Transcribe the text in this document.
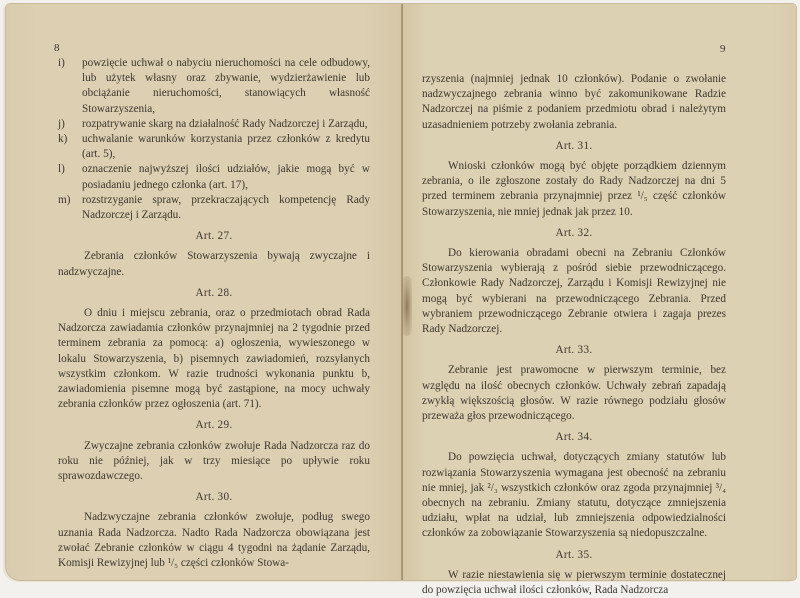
8

i) powzięcie uchwał o nabyciu nieruchomości na cele odbudowy, lub użytek własny oraz zbywanie, wydzierżawienie lub obciążanie nieruchomości, stanowiących własność Stowarzyszenia,

j) rozpatrywanie skarg na działalność Rady Nadzorczej i Zarządu,

k) uchwalanie warunków korzystania przez członków z kredytu (art. 5),

l) oznaczenie najwyższej ilości udziałów, jakie mogą być w posiadaniu jednego członka (art. 17),

m) rozstrzyganie spraw, przekraczających kompetencję Rady Nadzorczej i Zarządu.

Art. 27.

Zebrania członków Stowarzyszenia bywają zwyczajne i nadzwyczajne.

Art. 28.

O dniu i miejscu zebrania, oraz o przedmiotach obrad Rada Nadzorcza zawiadamia członków przynajmniej na 2 tygodnie przed terminem zebrania za pomocą: a) ogłoszenia, wywieszonego w lokalu Stowarzyszenia, b) pisemnych zawiadomień, rozsyłanych wszystkim członkom. W razie trudności wykonania punktu b, zawiadomienia pisemne mogą być zastąpione, na mocy uchwały zebrania członków przez ogłoszenia (art. 71).

Art. 29.

Zwyczajne zebrania członków zwołuje Rada Nadzorcza raz do roku nie później, jak w trzy miesiące po upływie roku sprawozdawczego.

Art. 30.

Nadzwyczajne zebrania członków zwołuje, podług swego uznania Rada Nadzorcza. Nadto Rada Nadzorcza obowiązana jest zwołać Zebranie członków w ciągu 4 tygodni na żądanie Zarządu, Komisji Rewizyjnej lub ¹/₅ części członków Stowa-

9

rzyszenia (najmniej jednak 10 członków). Podanie o zwołanie nadzwyczajnego zebrania winno być zakomunikowane Radzie Nadzorczej na piśmie z podaniem przedmiotu obrad i należytym uzasadnieniem potrzeby zwołania zebrania.

Art. 31.

Wnioski członków mogą być objęte porządkiem dziennym zebrania, o ile zgłoszone zostały do Rady Nadzorczej na dni 5 przed terminem zebrania przynajmniej przez ¹/₅ część członków Stowarzyszenia, nie mniej jednak jak przez 10.

Art. 32.

Do kierowania obradami obecni na Zebraniu Członków Stowarzyszenia wybierają z pośród siebie przewodniczącego. Członkowie Rady Nadzorczej, Zarządu i Komisji Rewizyjnej nie mogą być wybierani na przewodniczącego Zebrania. Przed wybraniem przewodniczącego Zebranie otwiera i zagaja prezes Rady Nadzorczej.

Art. 33.

Zebranie jest prawomocne w pierwszym terminie, bez względu na ilość obecnych członków. Uchwały zebrań zapadają zwykłą większością głosów. W razie równego podziału głosów przeważa głos przewodniczącego.

Art. 34.

Do powzięcia uchwał, dotyczących zmiany statutów lub rozwiązania Stowarzyszenia wymagana jest obecność na zebraniu nie mniej, jak ²/₃ wszystkich członków oraz zgoda przynajmniej ³/₄ obecnych na zebraniu. Zmiany statutu, dotyczące zmniejszenia udziału, wpłat na udział, lub zmniejszenia odpowiedzialności członków za zobowiązanie Stowarzyszenia są niedopuszczalne.

Art. 35.

W razie niestawienia się w pierwszym terminie dostatecznej do powzięcia uchwał ilości członków, Rada Nadzorcza
